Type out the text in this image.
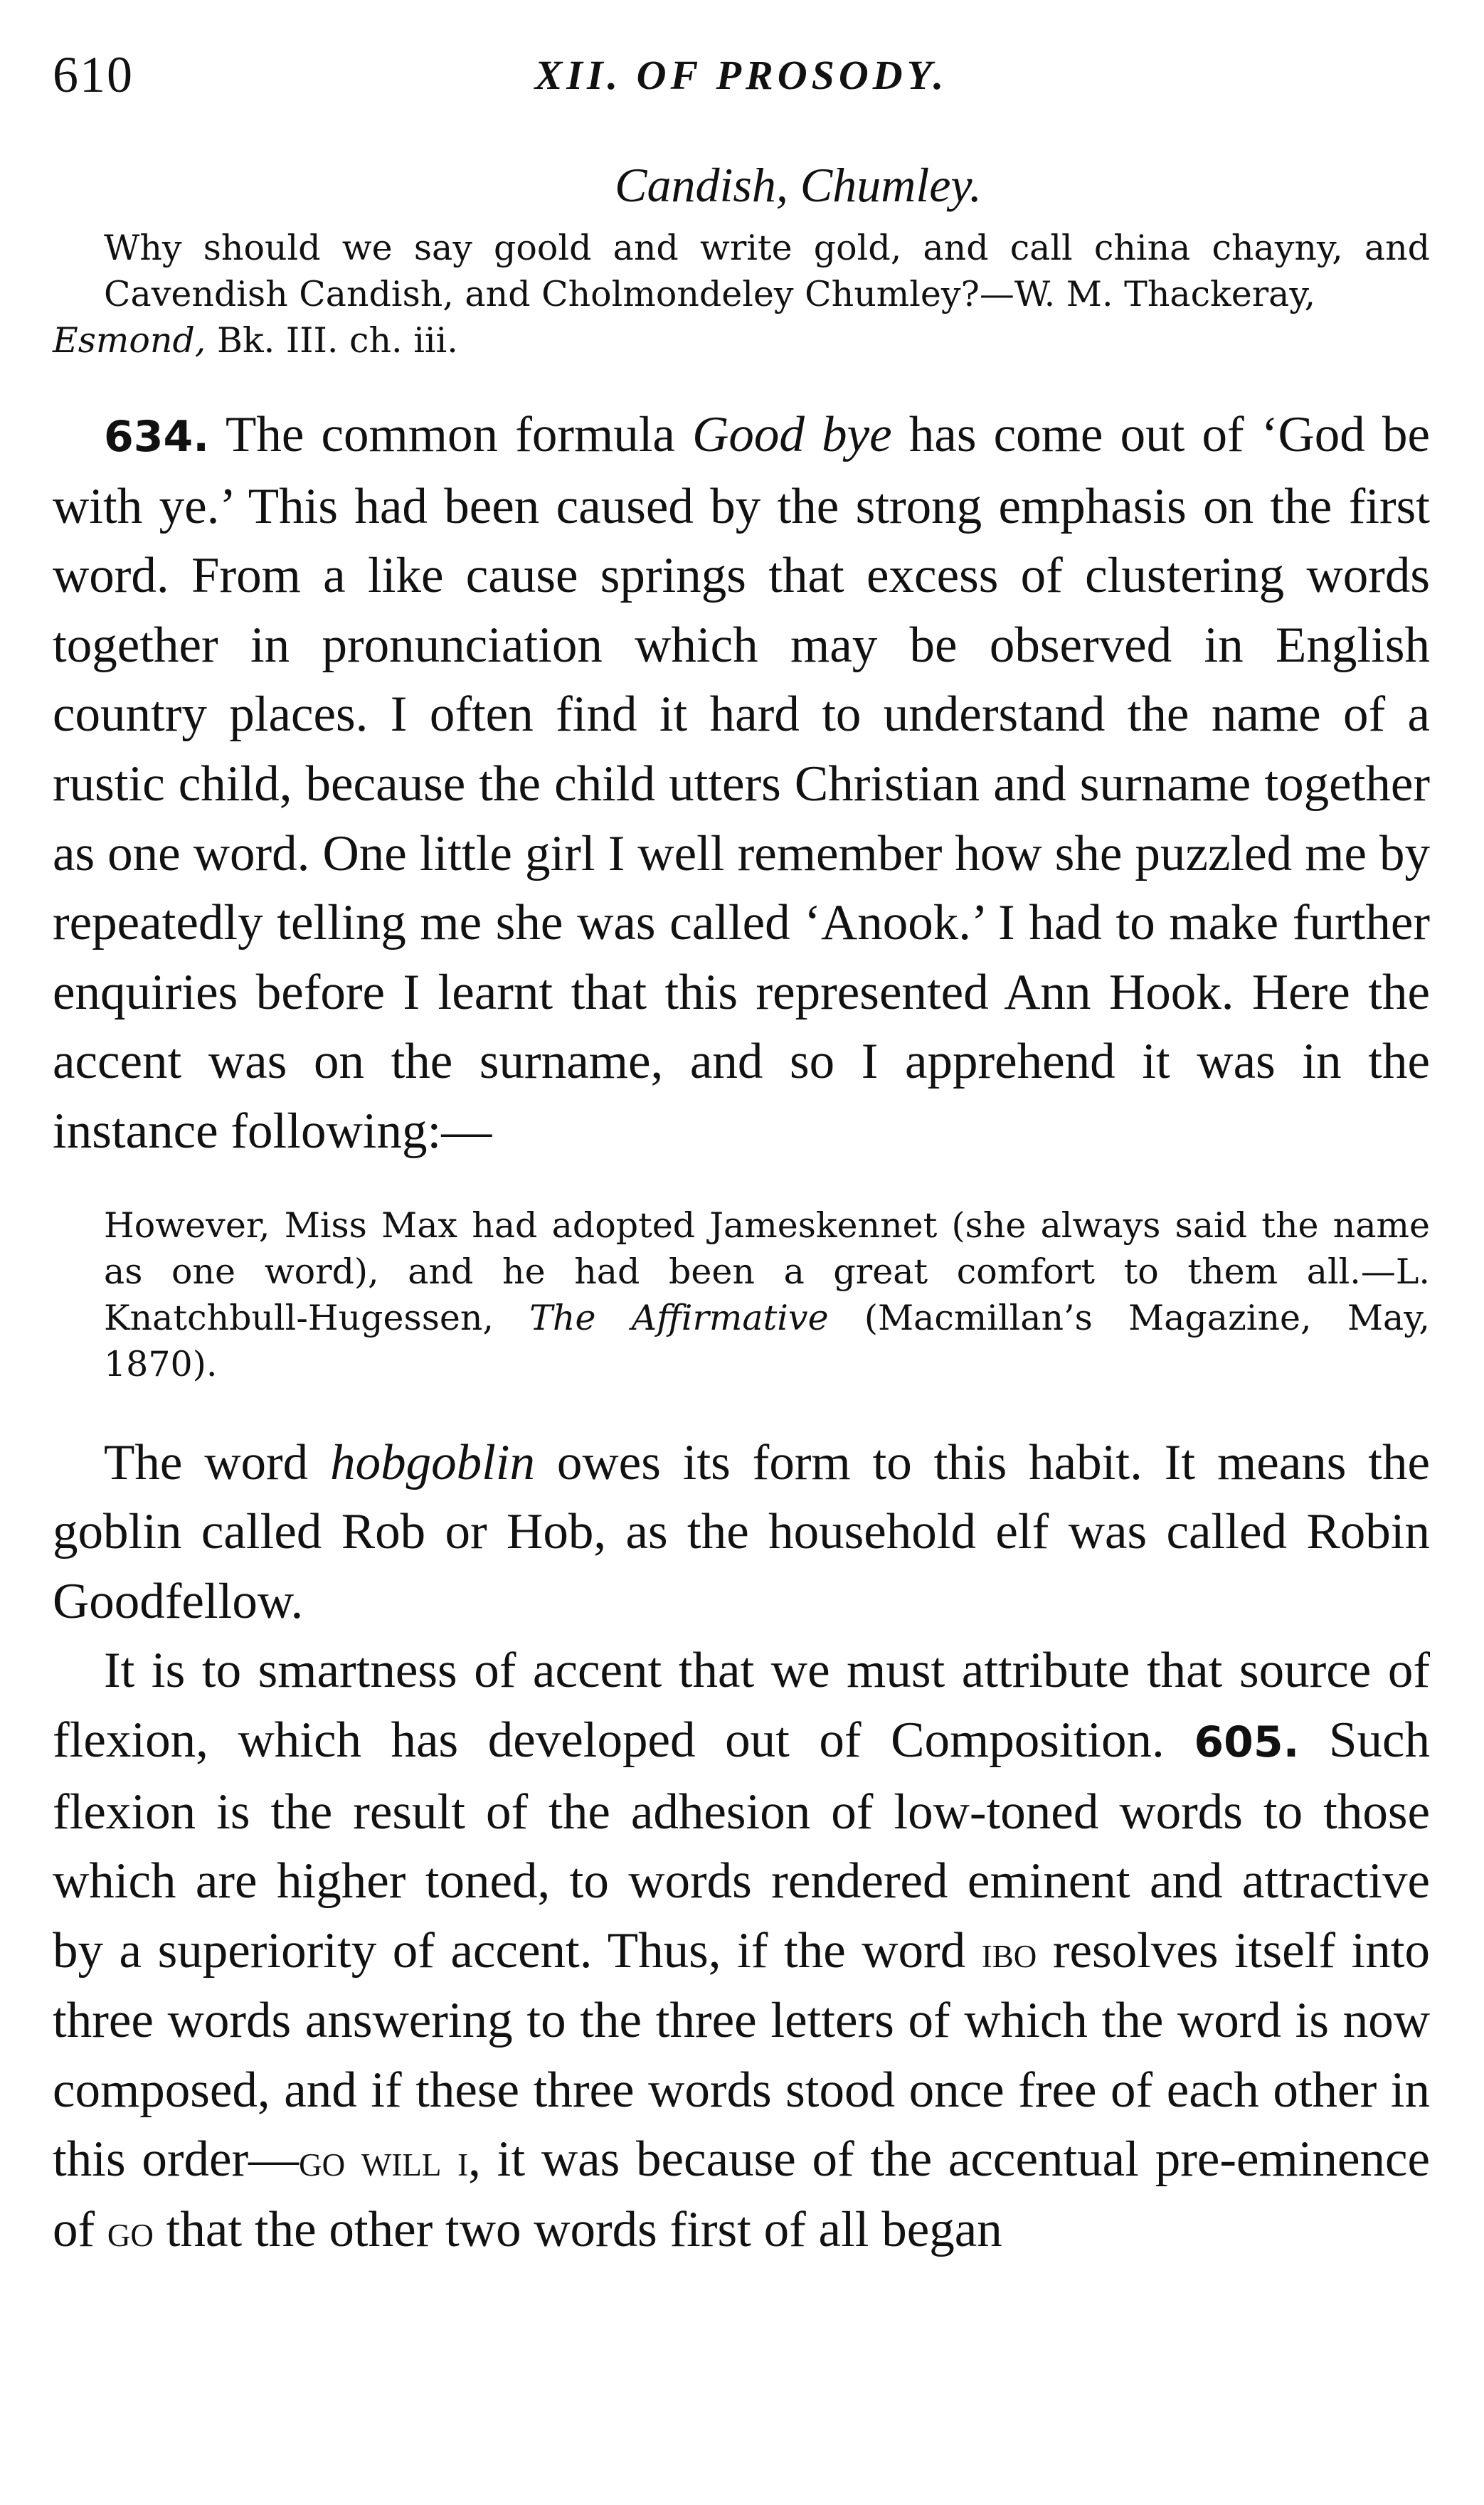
610	XII. OF PROSODY.
Candish, Chumley.

Why should we say goold and write gold, and call china chayny, and Cavendish Candish, and Cholmondeley Chumley?—W. M. Thackeray,

Esmond, Bk. III. ch. iii.

634. The common formula Good bye has come out of ‘God be with ye.’ This had been caused by the strong emphasis on the first word. From a like cause springs that excess of clustering words together in pronunciation which may be observed in English country places. I often find it hard to understand the name of a rustic child, because the child utters Christian and surname together as one word. One little girl I well remember how she puzzled me by repeatedly telling me she was called ‘Anook.’ I had to make further enquiries before I learnt that this represented Ann Hook. Here the accent was on the surname, and so I apprehend it was in the instance following:—

However, Miss Max had adopted Jameskennet (she always said the name as one word), and he had been a great comfort to them all.—L. Knatchbull-Hugessen, The Affirmative (Macmillan’s Magazine, May, 1870).

The word hobgoblin owes its form to this habit. It means the goblin called Rob or Hob, as the household elf was called Robin Goodfellow.

It is to smartness of accent that we must attribute that source of flexion, which has developed out of Composition. 605. Such flexion is the result of the adhesion of low-toned words to those which are higher toned, to words rendered eminent and attractive by a superiority of accent. Thus, if the word ibo resolves itself into three words answering to the three letters of which the word is now composed, and if these three words stood once free of each other in this order—go will i, it was because of the accentual pre-eminence of go that the other two words first of all began
